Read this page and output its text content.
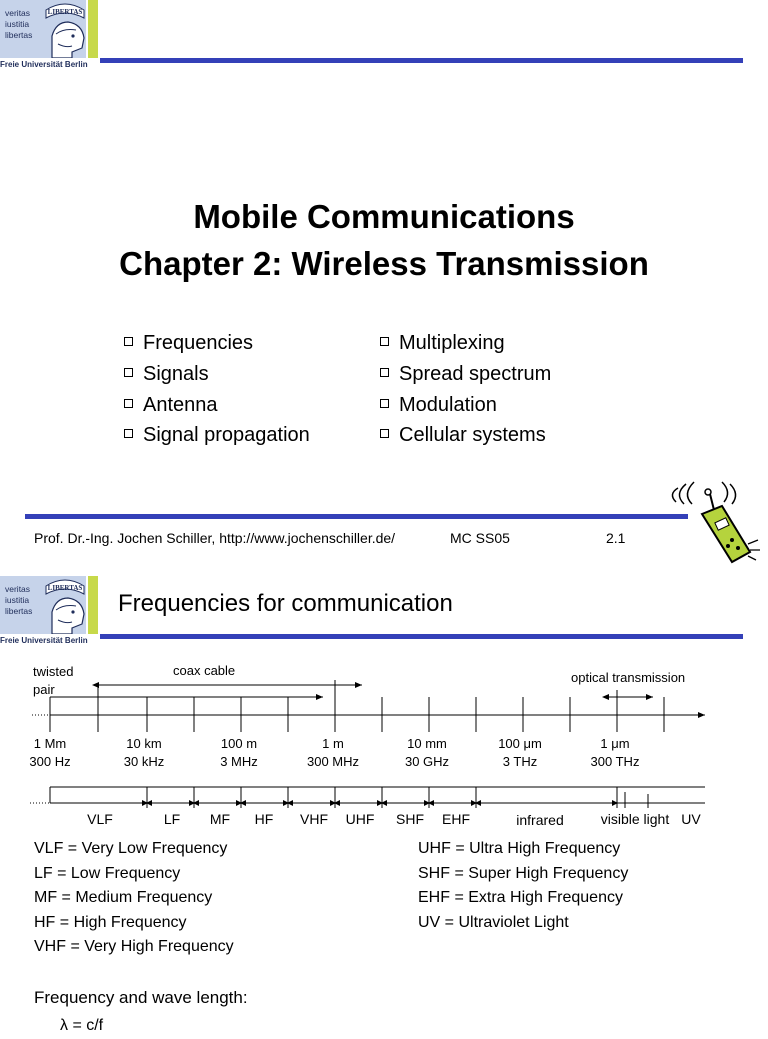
LIBERTAS
veritas
iustitia
libertas
Freie Universität Berlin
Mobile Communications
Chapter 2: Wireless Transmission
Frequencies
Signals
Antenna
Signal propagation
Multiplexing
Spread spectrum
Modulation
Cellular systems
Prof. Dr.-Ing. Jochen Schiller, http://www.jochenschiller.de/	MC SS05	2.1
LIBERTAS
veritas
iustitia
libertas
Freie Universität Berlin
Frequencies for communication
twisted pair
coax cable	optical transmission
1 Mm
300 Hz
10 km
30 kHz
100 m
3 MHz
1 m
300 MHz
10 mm
30 GHz
100 μm
3 THz
1 μm
300 THz
VLF	LF MF HF VHF UHF SHF EHF	infrared	visible light UV
VLF = Very Low Frequency
LF = Low Frequency
MF = Medium Frequency
HF = High Frequency
VHF = Very High Frequency
UHF = Ultra High Frequency
SHF = Super High Frequency
EHF = Extra High Frequency
UV = Ultraviolet Light
Frequency and wave length:
λ = c/f
